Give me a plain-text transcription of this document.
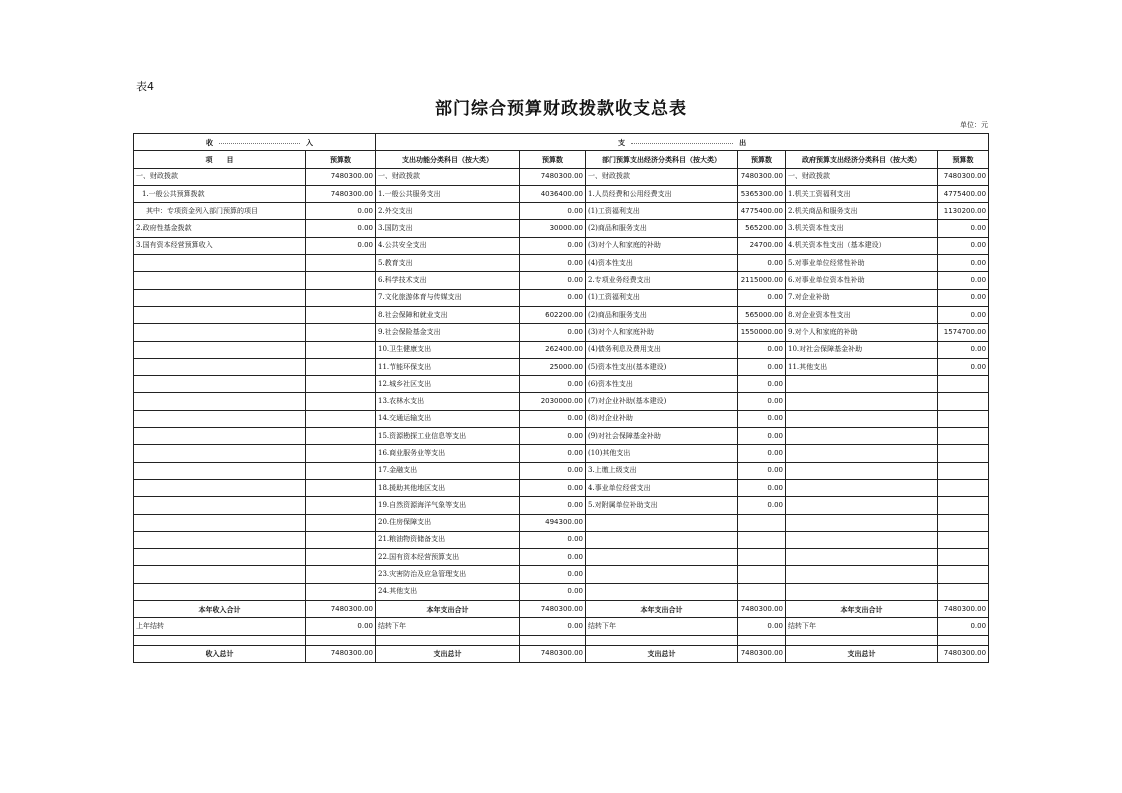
表4
部门综合预算财政拨款收支总表
单位：元
收 入		支 出					

项　　目	预算数	支出功能分类科目（按大类）	预算数	部门预算支出经济分类科目（按大类）	预算数	政府预算支出经济分类科目（按大类）	预算数
一、财政拨款	7480300.00	一、财政拨款	7480300.00	一、财政拨款	7480300.00	一、财政拨款	7480300.00
1.一般公共预算拨款	7480300.00	1.一般公共服务支出	4036400.00	1.人员经费和公用经费支出	5365300.00	1.机关工资福利支出	4775400.00
其中：专项资金列入部门预算的项目	0.00	2.外交支出	0.00	(1)工资福利支出	4775400.00	2.机关商品和服务支出	1130200.00
2.政府性基金拨款	0.00	3.国防支出	30000.00	(2)商品和服务支出	565200.00	3.机关资本性支出	0.00
3.国有资本经营预算收入	0.00	4.公共安全支出	0.00	(3)对个人和家庭的补助	24700.00	4.机关资本性支出（基本建设）	0.00
		5.教育支出	0.00	(4)资本性支出	0.00	5.对事业单位经常性补助	0.00
		6.科学技术支出	0.00	2.专项业务经费支出	2115000.00	6.对事业单位资本性补助	0.00
		7.文化旅游体育与传媒支出	0.00	(1)工资福利支出	0.00	7.对企业补助	0.00
		8.社会保障和就业支出	602200.00	(2)商品和服务支出	565000.00	8.对企业资本性支出	0.00
		9.社会保险基金支出	0.00	(3)对个人和家庭补助	1550000.00	9.对个人和家庭的补助	1574700.00
		10.卫生健康支出	262400.00	(4)债务利息及费用支出	0.00	10.对社会保障基金补助	0.00
		11.节能环保支出	25000.00	(5)资本性支出(基本建设)	0.00	11.其他支出	0.00
		12.城乡社区支出	0.00	(6)资本性支出	0.00		
		13.农林水支出	2030000.00	(7)对企业补助(基本建设)	0.00		
		14.交通运输支出	0.00	(8)对企业补助	0.00		
		15.资源勘探工业信息等支出	0.00	(9)对社会保障基金补助	0.00		
		16.商业服务业等支出	0.00	(10)其他支出	0.00		
		17.金融支出	0.00	3.上缴上级支出	0.00		
		18.援助其他地区支出	0.00	4.事业单位经营支出	0.00		
		19.自然资源海洋气象等支出	0.00	5.对附属单位补助支出	0.00		
		20.住房保障支出	494300.00				
		21.粮油物资储备支出	0.00				
		22.国有资本经营预算支出	0.00				
		23.灾害防治及应急管理支出	0.00				
		24.其他支出	0.00				
本年收入合计	7480300.00	本年支出合计	7480300.00	本年支出合计	7480300.00	本年支出合计	7480300.00
上年结转	0.00	结转下年	0.00	结转下年	0.00	结转下年	0.00

收入总计	7480300.00	支出总计	7480300.00	支出总计	7480300.00	支出总计	7480300.00
